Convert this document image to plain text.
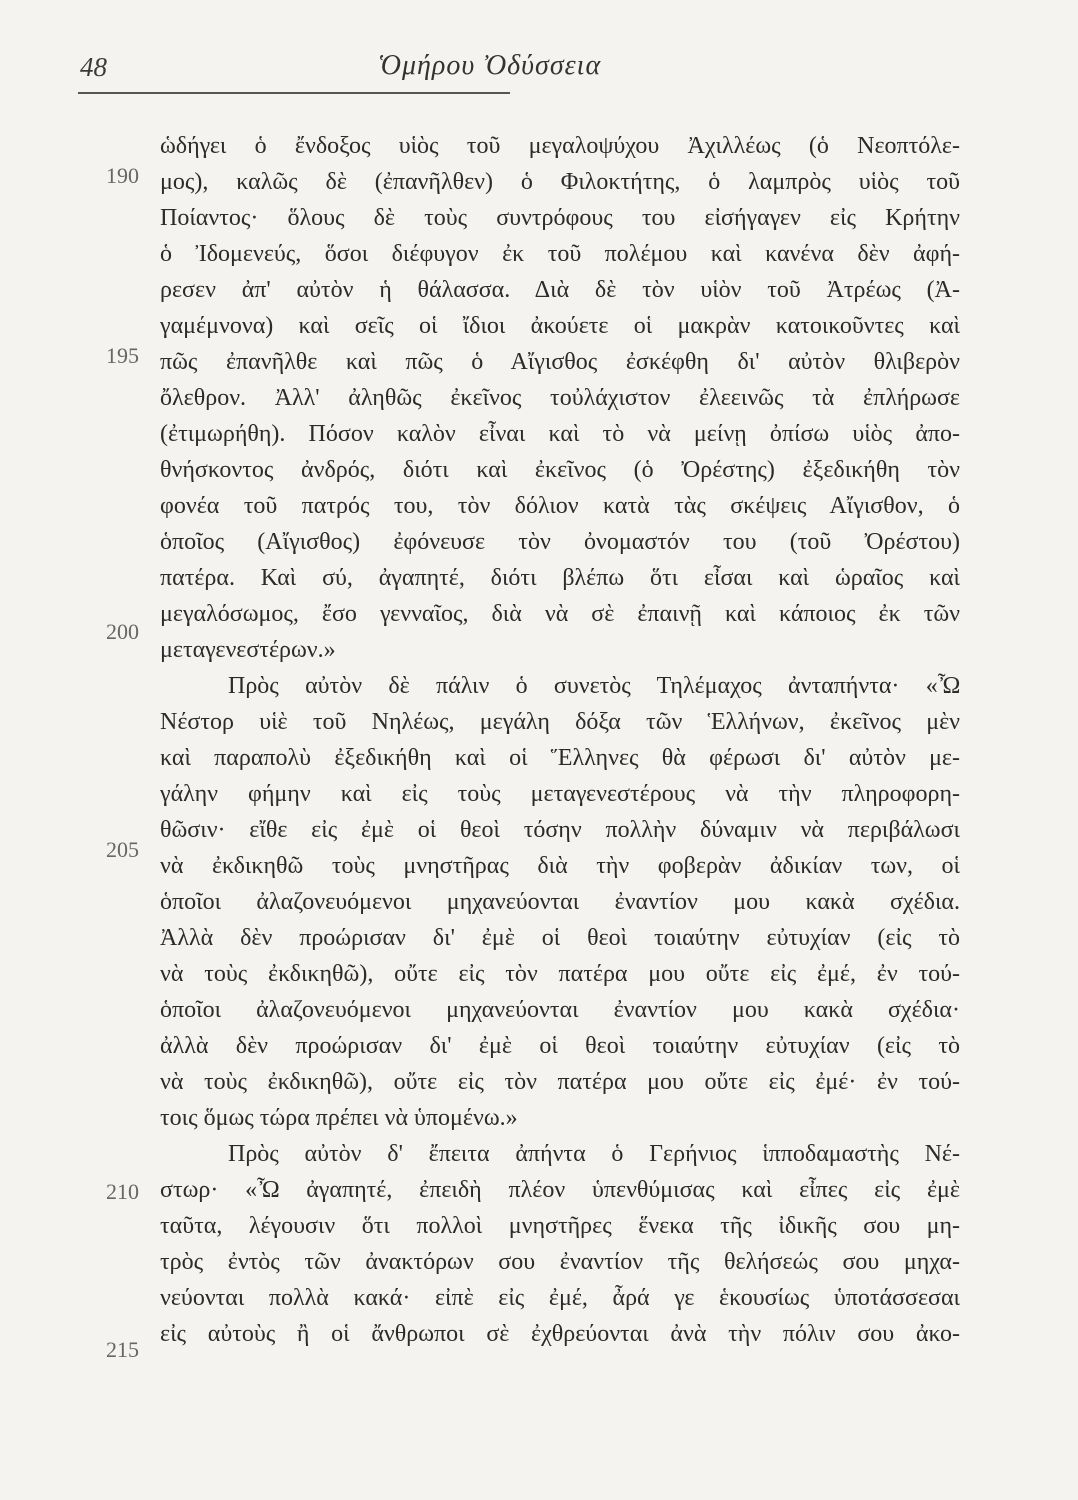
48	Ὁμήρου Ὀδύσσεια
190
195
200
205
210
215
ὡδήγει ὁ ἔνδοξος υἱὸς τοῦ μεγαλοψύχου Ἀχιλλέως (ὁ Νεοπτόλε-
μος), καλῶς δὲ (ἐπανῆλθεν) ὁ Φιλοκτήτης, ὁ λαμπρὸς υἱὸς τοῦ
Ποίαντος· ὅλους δὲ τοὺς συντρόφους του εἰσήγαγεν εἰς Κρήτην
ὁ Ἰδομενεύς, ὅσοι διέφυγον ἐκ τοῦ πολέμου καὶ κανένα δὲν ἀφή-
ρεσεν ἀπ' αὐτὸν ἡ θάλασσα. Διὰ δὲ τὸν υἱὸν τοῦ Ἀτρέως (Ἀ-
γαμέμνονα) καὶ σεῖς οἱ ἴδιοι ἀκούετε οἱ μακρὰν κατοικοῦντες καὶ
πῶς ἐπανῆλθε καὶ πῶς ὁ Αἴγισθος ἐσκέφθη δι' αὐτὸν θλιβερὸν
ὄλεθρον. Ἀλλ' ἀληθῶς ἐκεῖνος τοὐλάχιστον ἐλεεινῶς τὰ ἐπλήρωσε
(ἐτιμωρήθη). Πόσον καλὸν εἶναι καὶ τὸ νὰ μείνῃ ὀπίσω υἱὸς ἀπο-
θνήσκοντος ἀνδρός, διότι καὶ ἐκεῖνος (ὁ Ὀρέστης) ἐξεδικήθη τὸν
φονέα τοῦ πατρός του, τὸν δόλιον κατὰ τὰς σκέψεις Αἴγισθον, ὁ
ὁποῖος (Αἴγισθος) ἐφόνευσε τὸν ὀνομαστόν του (τοῦ Ὀρέστου)
πατέρα. Καὶ σύ, ἀγαπητέ, διότι βλέπω ὅτι εἶσαι καὶ ὡραῖος καὶ
μεγαλόσωμος, ἔσο γενναῖος, διὰ νὰ σὲ ἐπαινῇ καὶ κάποιος ἐκ τῶν
μεταγενεστέρων.»
Πρὸς αὐτὸν δὲ πάλιν ὁ συνετὸς Τηλέμαχος ἀνταπήντα· «Ὦ
Νέστορ υἱὲ τοῦ Νηλέως, μεγάλη δόξα τῶν Ἑλλήνων, ἐκεῖνος μὲν
καὶ παραπολὺ ἐξεδικήθη καὶ οἱ Ἕλληνες θὰ φέρωσι δι' αὐτὸν με-
γάλην φήμην καὶ εἰς τοὺς μεταγενεστέρους νὰ τὴν πληροφορη-
θῶσιν· εἴθε εἰς ἐμὲ οἱ θεοὶ τόσην πολλὴν δύναμιν νὰ περιβάλωσι
νὰ ἐκδικηθῶ τοὺς μνηστῆρας διὰ τὴν φοβερὰν ἀδικίαν των, οἱ
ὁποῖοι ἀλαζονευόμενοι μηχανεύονται ἐναντίον μου κακὰ σχέδια.
Ἀλλὰ δὲν προώρισαν δι' ἐμὲ οἱ θεοὶ τοιαύτην εὐτυχίαν (εἰς τὸ
νὰ τοὺς ἐκδικηθῶ), οὔτε εἰς τὸν πατέρα μου οὔτε εἰς ἐμέ, ἐν τού-
ὁποῖοι ἀλαζονευόμενοι μηχανεύονται ἐναντίον μου κακὰ σχέδια·
ἀλλὰ δὲν προώρισαν δι' ἐμὲ οἱ θεοὶ τοιαύτην εὐτυχίαν (εἰς τὸ
νὰ τοὺς ἐκδικηθῶ), οὔτε εἰς τὸν πατέρα μου οὔτε εἰς ἐμέ· ἐν τού-
τοις ὅμως τώρα πρέπει νὰ ὑπομένω.»
Πρὸς αὐτὸν δ' ἔπειτα ἀπήντα ὁ Γερήνιος ἱπποδαμαστὴς Νέ-
στωρ· «Ὦ ἀγαπητέ, ἐπειδὴ πλέον ὑπενθύμισας καὶ εἶπες εἰς ἐμὲ
ταῦτα, λέγουσιν ὅτι πολλοὶ μνηστῆρες ἕνεκα τῆς ἰδικῆς σου μη-
τρὸς ἐντὸς τῶν ἀνακτόρων σου ἐναντίον τῆς θελήσεώς σου μηχα-
νεύονται πολλὰ κακά· εἰπὲ εἰς ἐμέ, ἆρά γε ἑκουσίως ὑποτάσσεσαι
εἰς αὐτοὺς ἢ οἱ ἄνθρωποι σὲ ἐχθρεύονται ἀνὰ τὴν πόλιν σου ἀκο-
